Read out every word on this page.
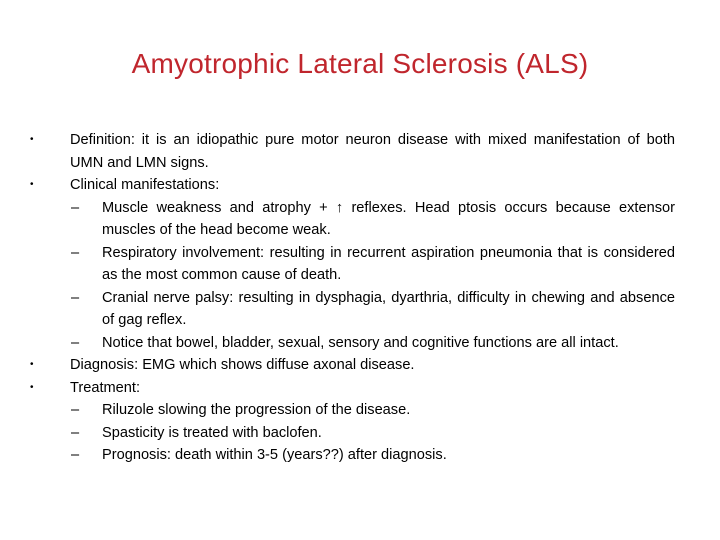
Amyotrophic Lateral Sclerosis (ALS)
•	Definition: it is an idiopathic pure motor neuron disease with mixed manifestation of both UMN and LMN signs.
•	Clinical manifestations:
– Muscle weakness and atrophy + ↑ reflexes. Head ptosis occurs because extensor muscles of the head become weak.
– Respiratory involvement: resulting in recurrent aspiration pneumonia that is considered as the most common cause of death.
– Cranial nerve palsy: resulting in dysphagia, dyarthria, difficulty in chewing and absence of gag reflex.
– Notice that bowel, bladder, sexual, sensory and cognitive functions are all intact.
•	Diagnosis: EMG which shows diffuse axonal disease.
•	Treatment:
– Riluzole slowing the progression of the disease.
– Spasticity is treated with baclofen.
– Prognosis: death within 3-5 (years??) after diagnosis.
